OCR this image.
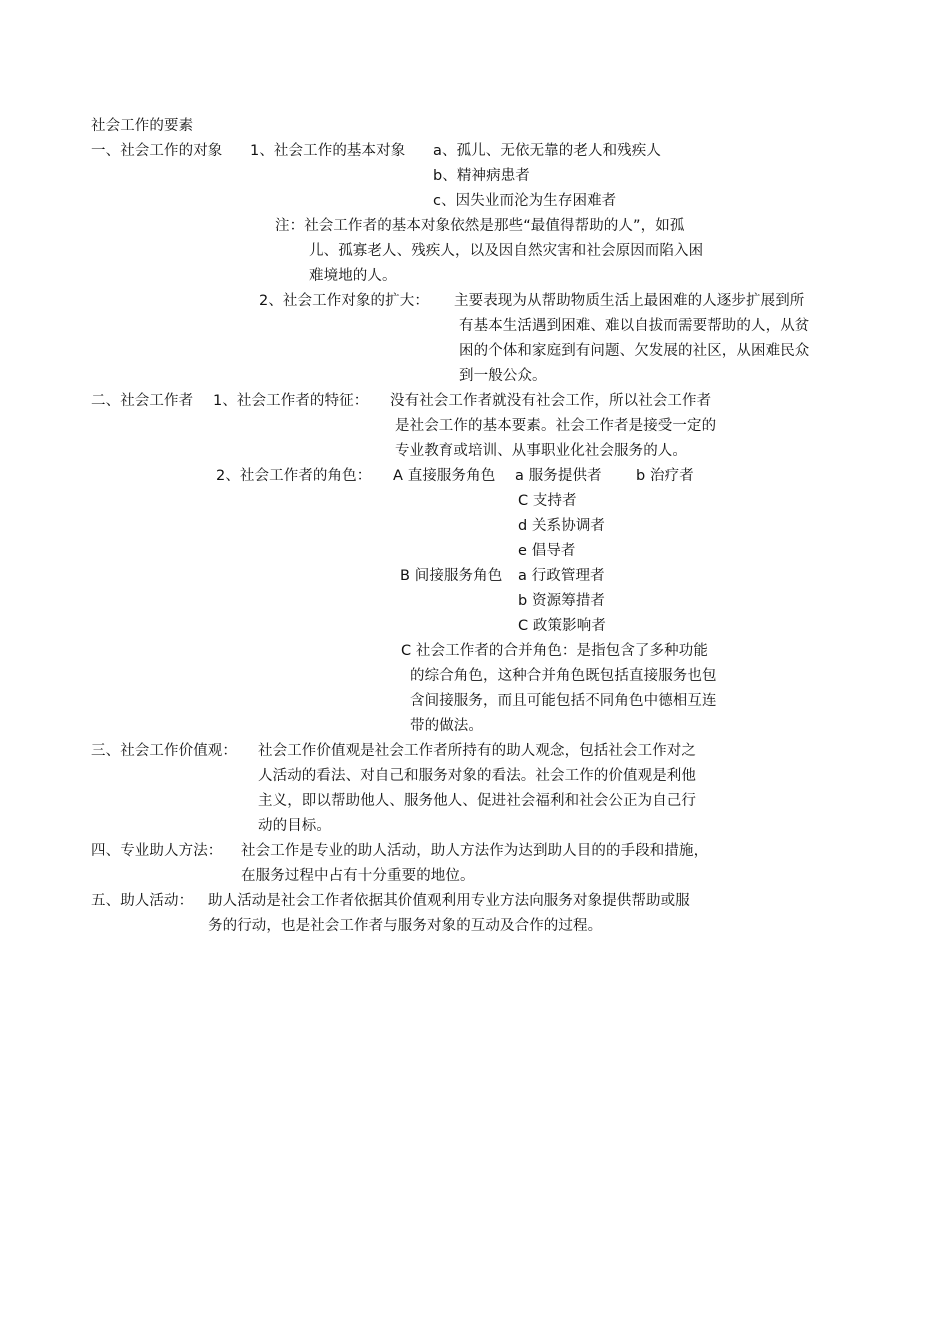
社会工作的要素
一、社会工作的对象 1、社会工作的基本对象 a、孤儿、无依无靠的老人和残疾人
b、精神病患者
c、因失业而沦为生存困难者
注：社会工作者的基本对象依然是那些“最值得帮助的人”，如孤
儿、孤寡老人、残疾人，以及因自然灾害和社会原因而陷入困
难境地的人。
2、社会工作对象的扩大： 主要表现为从帮助物质生活上最困难的人逐步扩展到所
有基本生活遇到困难、难以自拔而需要帮助的人，从贫
困的个体和家庭到有问题、欠发展的社区，从困难民众
到一般公众。
二、社会工作者 1、社会工作者的特征： 没有社会工作者就没有社会工作，所以社会工作者
是社会工作的基本要素。社会工作者是接受一定的
专业教育或培训、从事职业化社会服务的人。
2、社会工作者的角色： A 直接服务角色 a 服务提供者 b 治疗者
C 支持者
d 关系协调者
e 倡导者
B 间接服务角色 a 行政管理者
b 资源筹措者
C 政策影响者
C 社会工作者的合并角色：是指包含了多种功能
的综合角色，这种合并角色既包括直接服务也包
含间接服务，而且可能包括不同角色中德相互连
带的做法。
三、社会工作价值观： 社会工作价值观是社会工作者所持有的助人观念，包括社会工作对之
人活动的看法、对自己和服务对象的看法。社会工作的价值观是利他
主义，即以帮助他人、服务他人、促进社会福利和社会公正为自己行
动的目标。
四、专业助人方法： 社会工作是专业的助人活动，助人方法作为达到助人目的的手段和措施，
在服务过程中占有十分重要的地位。
五、助人活动： 助人活动是社会工作者依据其价值观利用专业方法向服务对象提供帮助或服
务的行动，也是社会工作者与服务对象的互动及合作的过程。
